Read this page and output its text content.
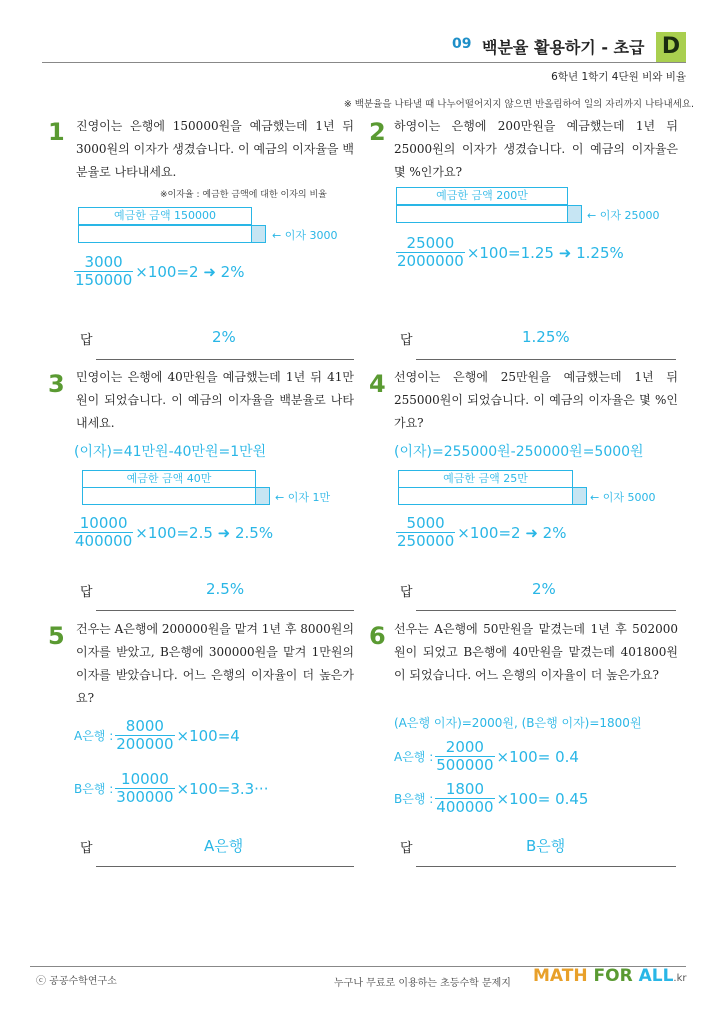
09 백분율 활용하기 - 초급 D
6학년 1학기 4단원 비와 비율
※ 백분율을 나타낼 때 나누어떨어지지 않으면 반올림하여 일의 자리까지 나타내세요.
1 진영이는 은행에 150000원을 예금했는데 1년 뒤 3000원의 이자가 생겼습니다. 이 예금의 이자율을 백분율로 나타내세요.
※이자율 : 예금한 금액에 대한 이자의 비율
예금한 금액 150000
← 이자 3000
$\frac{3000}{150000} \times 100=2$ ➜ 2%
답	2%
2 하영이는 은행에 200만원을 예금했는데 1년 뒤 25000원의 이자가 생겼습니다. 이 예금의 이자율은 몇 %인가요?
예금한 금액 200만
← 이자 25000
$\frac{25000}{2000000} \times 100=1.25$ ➜ 1.25%
답	1.25%
3 민영이는 은행에 40만원을 예금했는데 1년 뒤 41만원이 되었습니다. 이 예금의 이자율을 백분율로 나타내세요.
(이자)=41만원-40만원=1만원
예금한 금액 40만
← 이자 1만
$\frac{10000}{400000} \times 100=2.5$ ➜ 2.5%
답	2.5%
4 선영이는 은행에 25만원을 예금했는데 1년 뒤 255000원이 되었습니다. 이 예금의 이자율은 몇 %인가요?
(이자)=255000원-250000원=5000원
예금한 금액 25만
← 이자 5000
$\frac{5000}{250000} \times 100=2$ ➜ 2%
답	2%
5 건우는 A은행에 200000원을 맡겨 1년 후 8000원의 이자를 받았고, B은행에 300000원을 맡겨 1만원의 이자를 받았습니다. 어느 은행의 이자율이 더 높은가요?
A은행 : $\frac{8000}{200000} \times 100=4$
B은행 : $\frac{10000}{300000} \times 100=3.3\cdot\cdot\cdot$
답	A은행
6 선우는 A은행에 50만원을 맡겼는데 1년 후 502000원이 되었고 B은행에 40만원을 맡겼는데 401800원이 되었습니다. 어느 은행의 이자율이 더 높은가요?
(A은행 이자)=2000원, (B은행 이자)=1800원
A은행 : $\frac{2000}{500000} \times 100= 0.4$
B은행 : $\frac{1800}{400000} \times 100= 0.45$
답	B은행
ⓒ 공공수학연구소	누구나 무료로 이용하는 초등수학 문제지 MATH FOR ALL.kr
